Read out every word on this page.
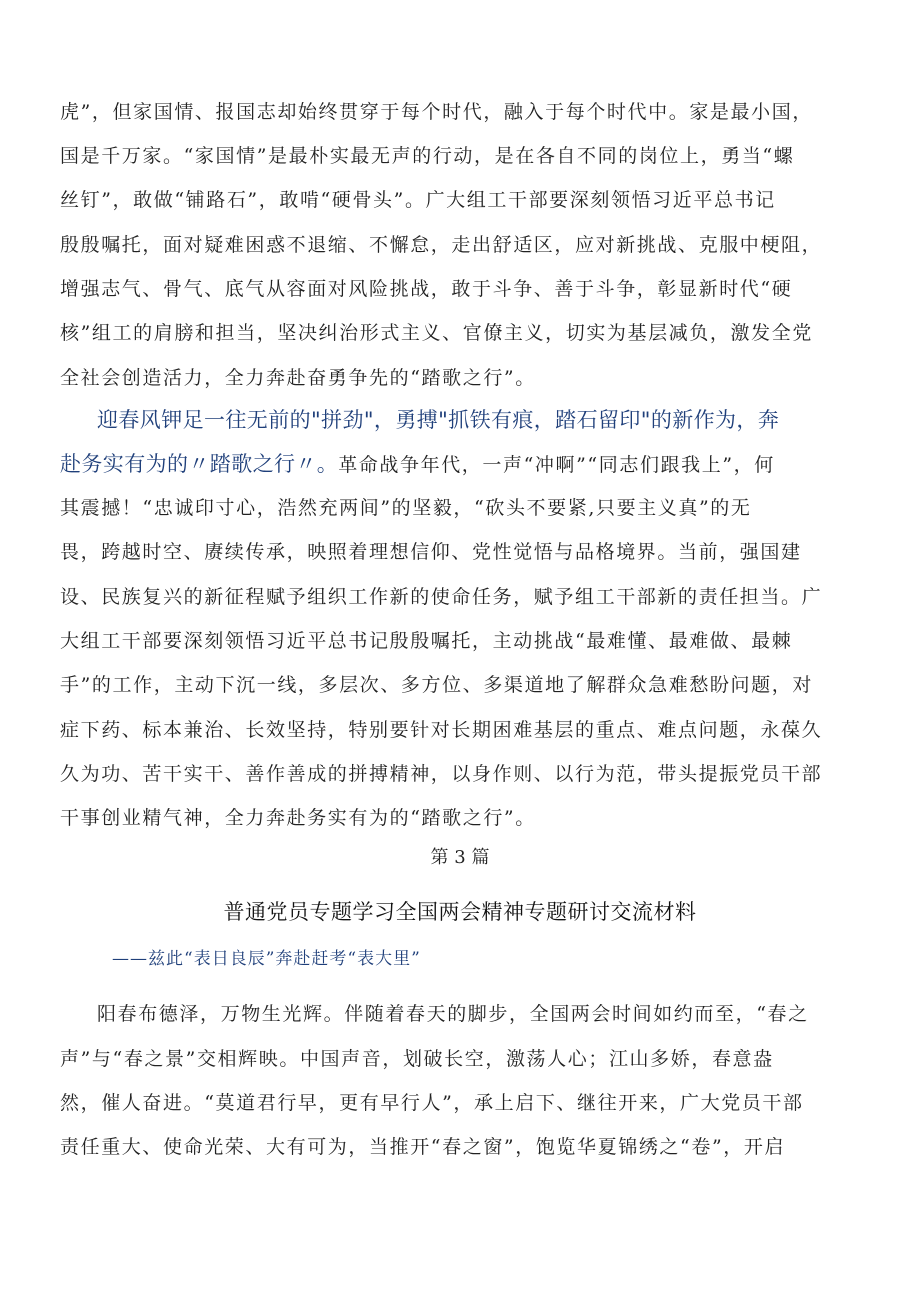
虎”，但家国情、报国志却始终贯穿于每个时代，融入于每个时代中。家是最小国，
国是千万家。“家国情”是最朴实最无声的行动，是在各自不同的岗位上，勇当“螺
丝钉”，敢做“铺路石”，敢啃“硬骨头”。广大组工干部要深刻领悟习近平总书记
殷殷嘱托，面对疑难困惑不退缩、不懈怠，走出舒适区，应对新挑战、克服中梗阻，
增强志气、骨气、底气从容面对风险挑战，敢于斗争、善于斗争，彰显新时代“硬
核”组工的肩膀和担当，坚决纠治形式主义、官僚主义，切实为基层减负，激发全党
全社会创造活力，全力奔赴奋勇争先的“踏歌之行”。
迎春风钾足一往无前的"拼劲"，勇搏"抓铁有痕，踏石留印"的新作为，奔
赴务实有为的〃踏歌之行〃。革命战争年代，一声“冲啊”“同志们跟我上”，何
其震撼！“忠诚印寸心，浩然充两间”的坚毅，“砍头不要紧,只要主义真”的无
畏，跨越时空、赓续传承，映照着理想信仰、党性觉悟与品格境界。当前，强国建
设、民族复兴的新征程赋予组织工作新的使命任务，赋予组工干部新的责任担当。广
大组工干部要深刻领悟习近平总书记殷殷嘱托，主动挑战“最难懂、最难做、最棘
手”的工作，主动下沉一线，多层次、多方位、多渠道地了解群众急难愁盼问题，对
症下药、标本兼治、长效坚持，特别要针对长期困难基层的重点、难点问题，永葆久
久为功、苦干实干、善作善成的拼搏精神，以身作则、以行为范，带头提振党员干部
干事创业精气神，全力奔赴务实有为的“踏歌之行”。
第 3 篇
普通党员专题学习全国两会精神专题研讨交流材料
——兹此“表日良辰”奔赴赶考“表大里”
阳春布德泽，万物生光辉。伴随着春天的脚步，全国两会时间如约而至，“春之
声”与“春之景”交相辉映。中国声音，划破长空，激荡人心；江山多娇，春意盎
然，催人奋进。“莫道君行早，更有早行人”，承上启下、继往开来，广大党员干部
责任重大、使命光荣、大有可为，当推开“春之窗”，饱览华夏锦绣之“卷”，开启
